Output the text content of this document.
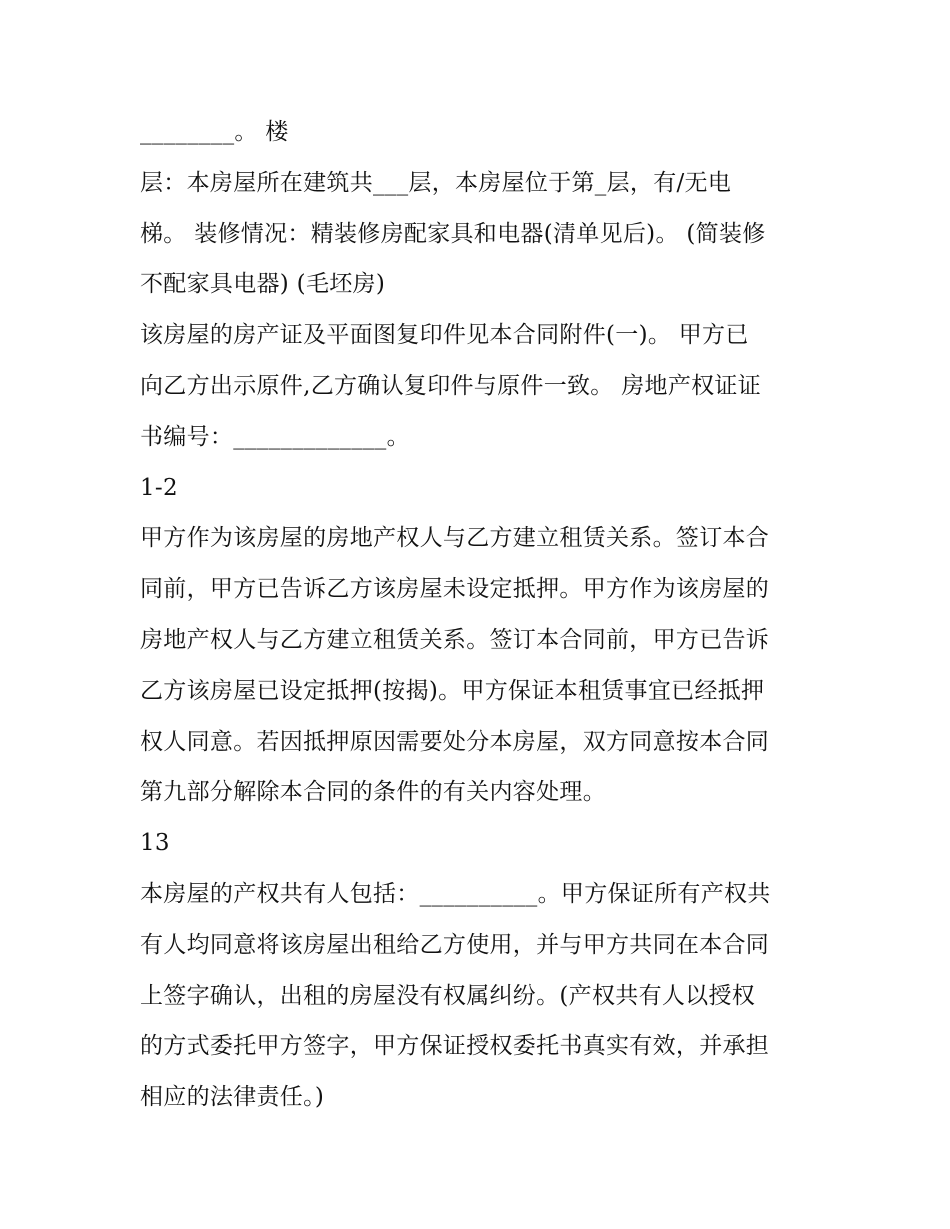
________。 楼
层：本房屋所在建筑共___层，本房屋位于第_层，有/无电
梯。 装修情况：精装修房配家具和电器(清单见后)。 (简装修
不配家具电器) (毛坯房)
该房屋的房产证及平面图复印件见本合同附件(一)。 甲方已
向乙方出示原件,乙方确认复印件与原件一致。 房地产权证证
书编号：_____________。
1-2
甲方作为该房屋的房地产权人与乙方建立租赁关系。签订本合
同前，甲方已告诉乙方该房屋未设定抵押。甲方作为该房屋的
房地产权人与乙方建立租赁关系。签订本合同前，甲方已告诉
乙方该房屋已设定抵押(按揭)。甲方保证本租赁事宜已经抵押
权人同意。若因抵押原因需要处分本房屋，双方同意按本合同
第九部分解除本合同的条件的有关内容处理。
13
本房屋的产权共有人包括：__________。甲方保证所有产权共
有人均同意将该房屋出租给乙方使用，并与甲方共同在本合同
上签字确认，出租的房屋没有权属纠纷。(产权共有人以授权
的方式委托甲方签字，甲方保证授权委托书真实有效，并承担
相应的法律责任。)
